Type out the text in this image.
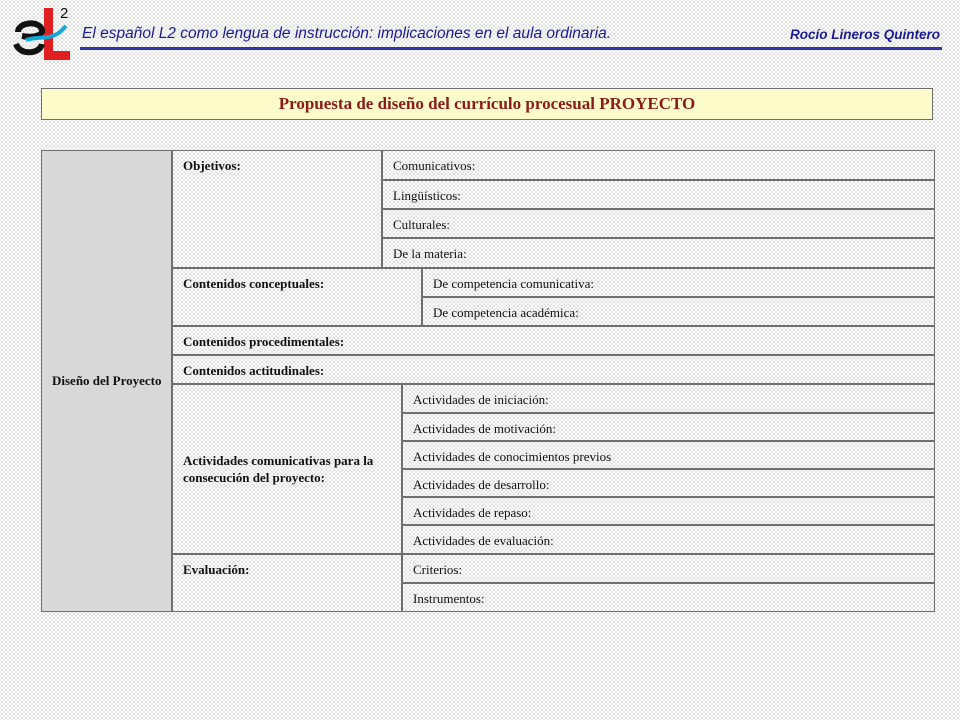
2
El español L2 como lengua de instrucción: implicaciones en el aula ordinaria.	Rocío Lineros Quintero
Propuesta de diseño del currículo procesual PROYECTO
Diseño del Proyecto
Objetivos:	Comunicativos:
Lingüísticos:
Culturales:
De la materia:
Contenidos conceptuales:	De competencia comunicativa:
De competencia académica:
Contenidos procedimentales:
Contenidos actitudinales:
Actividades comunicativas para la consecución del proyecto:
Actividades de iniciación:
Actividades de motivación:
Actividades de conocimientos previos
Actividades de desarrollo:
Actividades de repaso:
Actividades de evaluación:
Evaluación:	Criterios:
Instrumentos:
